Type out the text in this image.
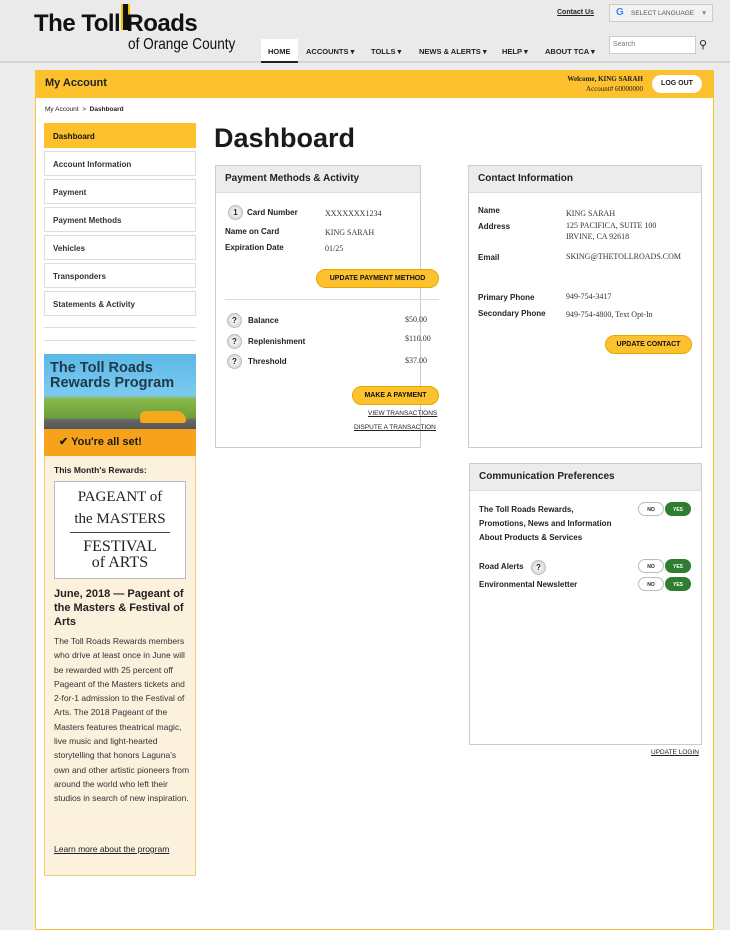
The Toll Roads
of Orange County
Contact Us G SELECT LANGUAGE ▼
HOME	ACCOUNTS ▾ TOLLS ▾ NEWS & ALERTS ▾ HELP ▾ ABOUT TCA ▾
Search	⚲
My Account	Welcome, KING SARAH
Account# 60000000
LOG OUT
My Account > Dashboard
Dashboard
Account Information
Payment
Payment Methods
Vehicles
Transponders
Statements & Activity
The Toll Roads
Rewards Program
✔ You're all set!
This Month's Rewards:
PAGEANT of
the MASTERS
FESTIVAL
of ARTS
June, 2018 — Pageant of the Masters & Festival of Arts
The Toll Roads Rewards members who drive at least once in June will be rewarded with 25 percent off Pageant of the Masters tickets and 2-for-1 admission to the Festival of Arts. The 2018 Pageant of the Masters features theatrical magic, live music and light-hearted storytelling that honors Laguna's own and other artistic pioneers from around the world who left their studios in search of new inspiration.
Learn more about the program
Dashboard
Payment Methods & Activity
1	Card Number	XXXXXXX1234
Name on Card	KING SARAH
Expiration Date	01/25
UPDATE PAYMENT METHOD
?	Balance	$50.00
?	Replenishment	$110.00
?	Threshold	$37.00
MAKE A PAYMENT
VIEW TRANSACTIONS
DISPUTE A TRANSACTION
Contact Information
Name	KING SARAH
Address	125 PACIFICA, SUITE 100
IRVINE, CA 92618
Email	SKING@THETOLLROADS.COM
Primary Phone	949-754-3417
Secondary Phone	949-754-4800, Text Opt-In
UPDATE CONTACT
Communication Preferences
The Toll Roads Rewards, Promotions, News and Information About Products & Services
NO	YES
Road Alerts	?	NO	YES
Environmental Newsletter	NO	YES
UPDATE LOGIN
